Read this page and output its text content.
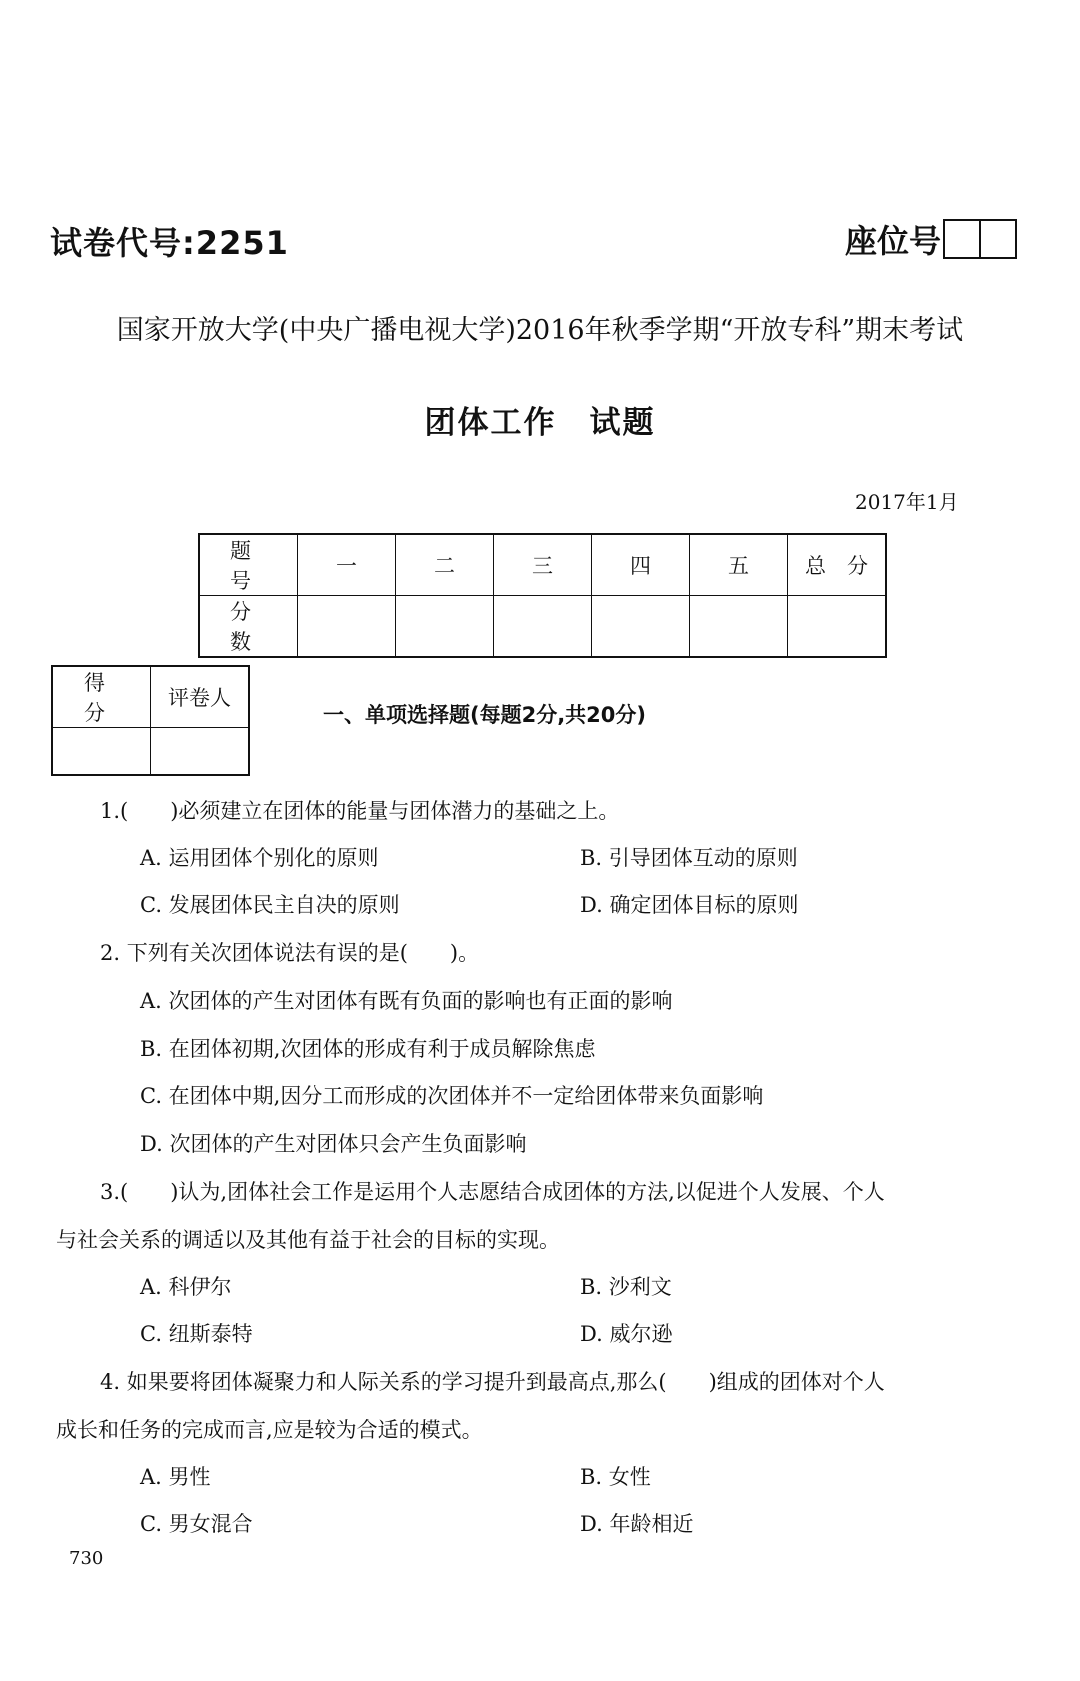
试卷代号:2251	座位号
国家开放大学(中央广播电视大学)2016年秋季学期“开放专科”期末考试
团体工作　试题
2017年1月
题　号	一	二	三	四	五	总　分
分　数						
得　分	评卷人

一、单项选择题(每题2分,共20分)
1.(　　)必须建立在团体的能量与团体潜力的基础之上。
A. 运用团体个别化的原则	B. 引导团体互动的原则
C. 发展团体民主自决的原则	D. 确定团体目标的原则
2. 下列有关次团体说法有误的是(　　)。
A. 次团体的产生对团体有既有负面的影响也有正面的影响
B. 在团体初期,次团体的形成有利于成员解除焦虑
C. 在团体中期,因分工而形成的次团体并不一定给团体带来负面影响
D. 次团体的产生对团体只会产生负面影响
3.(　　)认为,团体社会工作是运用个人志愿结合成团体的方法,以促进个人发展、个人
与社会关系的调适以及其他有益于社会的目标的实现。
A. 科伊尔	B. 沙利文
C. 纽斯泰特	D. 威尔逊
4. 如果要将团体凝聚力和人际关系的学习提升到最高点,那么(　　)组成的团体对个人
成长和任务的完成而言,应是较为合适的模式。
A. 男性	B. 女性
C. 男女混合	D. 年龄相近
730
